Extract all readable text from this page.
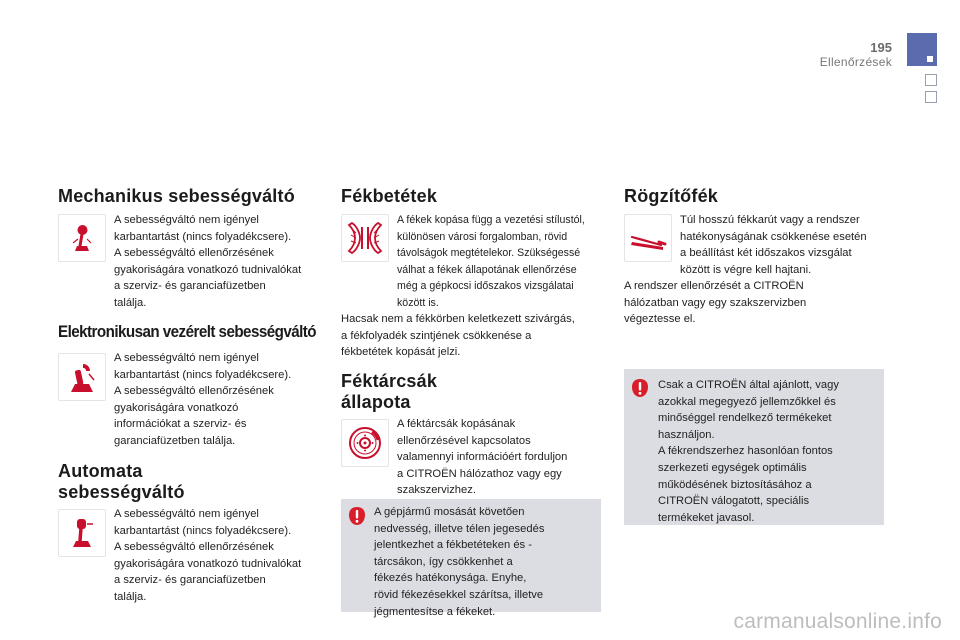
195
Ellenőrzések
Mechanikus sebességváltó
A sebességváltó nem igényel
karbantartást (nincs folyadékcsere).
A sebességváltó ellenőrzésének
gyakoriságára vonatkozó tudnivalókat
a szerviz- és garanciafüzetben
találja.
Elektronikusan vezérelt sebességváltó
A sebességváltó nem igényel
karbantartást (nincs folyadékcsere).
A sebességváltó ellenőrzésének
gyakoriságára vonatkozó
információkat a szerviz- és
garanciafüzetben találja.
Automata
sebességváltó
A sebességváltó nem igényel
karbantartást (nincs folyadékcsere).
A sebességváltó ellenőrzésének
gyakoriságára vonatkozó tudnivalókat
a szerviz- és garanciafüzetben
találja.
Fékbetétek
A fékek kopása függ a vezetési stílustól,
különösen városi forgalomban, rövid
távolságok megtételekor. Szükségessé
válhat a fékek állapotának ellenőrzése
még a gépkocsi időszakos vizsgálatai
között is.
Hacsak nem a fékkörben keletkezett szivárgás,
a fékfolyadék szintjének csökkenése a
fékbetétek kopását jelzi.
Féktárcsák
állapota
A féktárcsák kopásának
ellenőrzésével kapcsolatos
valamennyi információért forduljon
a CITROËN hálózathoz vagy egy
szakszervizhez.
A gépjármű mosását követően
nedvesség, illetve télen jegesedés
jelentkezhet a fékbetéteken és -
tárcsákon, így csökkenhet a
fékezés hatékonysága. Enyhe,
rövid fékezésekkel szárítsa, illetve
jégmentesítse a fékeket.
Rögzítőfék
Túl hosszú fékkarút vagy a rendszer
hatékonyságának csökkenése esetén
a beállítást két időszakos vizsgálat
között is végre kell hajtani.
A rendszer ellenőrzését a CITROËN
hálózatban vagy egy szakszervizben
végeztesse el.
Csak a CITROËN által ajánlott, vagy
azokkal megegyező jellemzőkkel és
minőséggel rendelkező termékeket
használjon.
A fékrendszerhez hasonlóan fontos
szerkezeti egységek optimális
működésének biztosításához a
CITROËN válogatott, speciális
termékeket javasol.
carmanualsonline.info
